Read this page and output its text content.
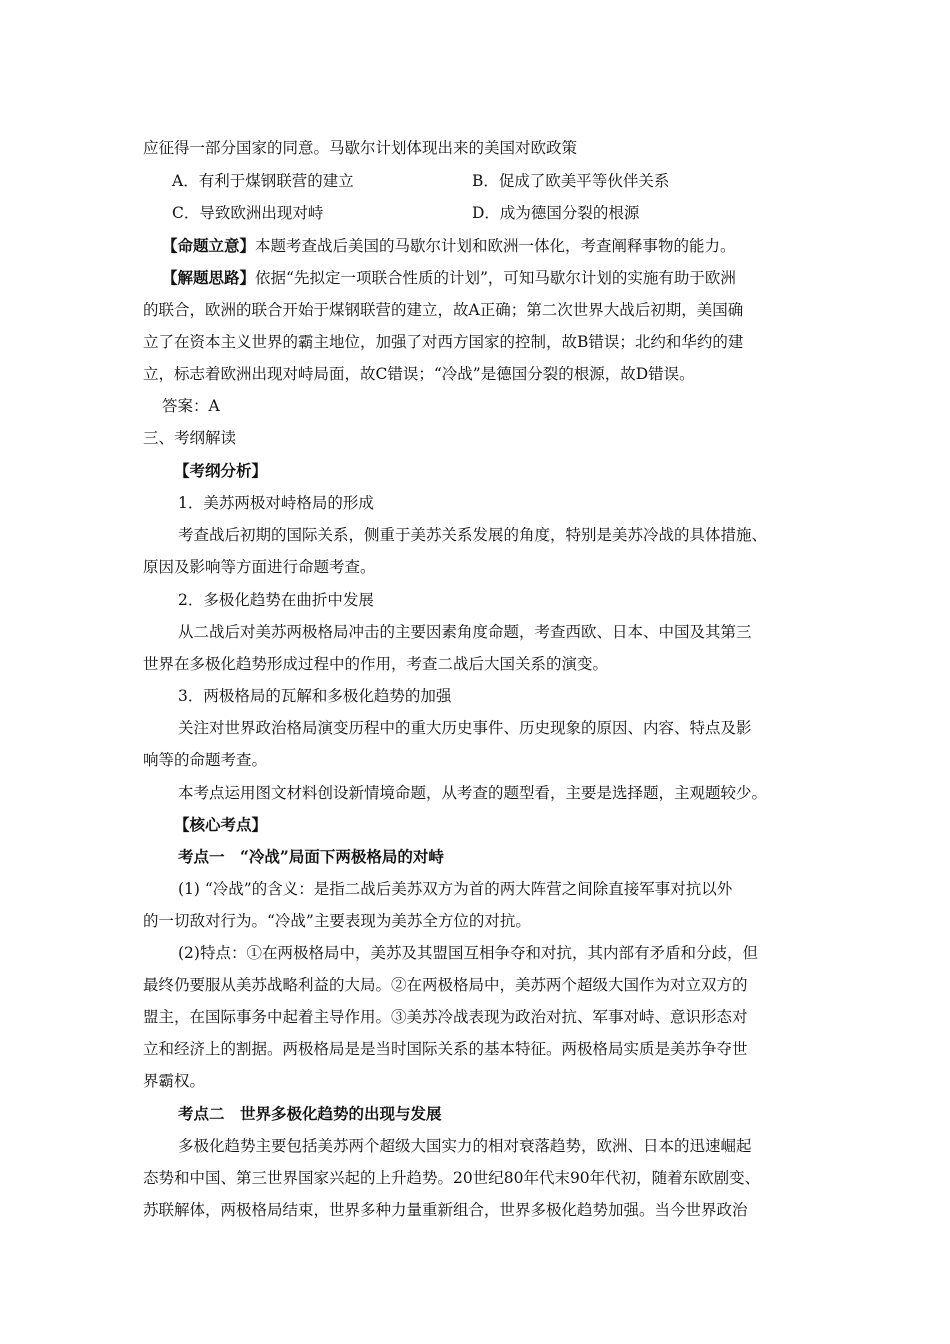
应征得一部分国家的同意。马歇尔计划体现出来的美国对欧政策
A．有利于煤钢联营的建立	B．促成了欧美平等伙伴关系
C．导致欧洲出现对峙	D．成为德国分裂的根源
【命题立意】本题考查战后美国的马歇尔计划和欧洲一体化，考查阐释事物的能力。
【解题思路】依据“先拟定一项联合性质的计划”，可知马歇尔计划的实施有助于欧洲
的联合，欧洲的联合开始于煤钢联营的建立，故A正确；第二次世界大战后初期，美国确
立了在资本主义世界的霸主地位，加强了对西方国家的控制，故B错误；北约和华约的建
立，标志着欧洲出现对峙局面，故C错误；“冷战”是德国分裂的根源，故D错误。
答案：A
三、考纲解读
【考纲分析】
1．美苏两极对峙格局的形成
考查战后初期的国际关系，侧重于美苏关系发展的角度，特别是美苏冷战的具体措施、
原因及影响等方面进行命题考查。
2．多极化趋势在曲折中发展
从二战后对美苏两极格局冲击的主要因素角度命题，考查西欧、日本、中国及其第三
世界在多极化趋势形成过程中的作用，考查二战后大国关系的演变。
3．两极格局的瓦解和多极化趋势的加强
关注对世界政治格局演变历程中的重大历史事件、历史现象的原因、内容、特点及影
响等的命题考查。
本考点运用图文材料创设新情境命题，从考查的题型看，主要是选择题，主观题较少。
【核心考点】
考点一　“冷战”局面下两极格局的对峙
(1) “冷战”的含义：是指二战后美苏双方为首的两大阵营之间除直接军事对抗以外
的一切敌对行为。“冷战”主要表现为美苏全方位的对抗。
(2)特点：①在两极格局中，美苏及其盟国互相争夺和对抗，其内部有矛盾和分歧，但
最终仍要服从美苏战略利益的大局。②在两极格局中，美苏两个超级大国作为对立双方的
盟主，在国际事务中起着主导作用。③美苏冷战表现为政治对抗、军事对峙、意识形态对
立和经济上的割据。两极格局是是当时国际关系的基本特征。两极格局实质是美苏争夺世
界霸权。
考点二　世界多极化趋势的出现与发展
多极化趋势主要包括美苏两个超级大国实力的相对衰落趋势，欧洲、日本的迅速崛起
态势和中国、第三世界国家兴起的上升趋势。20世纪80年代末90年代初，随着东欧剧变、
苏联解体，两极格局结束，世界多种力量重新组合，世界多极化趋势加强。当今世界政治
